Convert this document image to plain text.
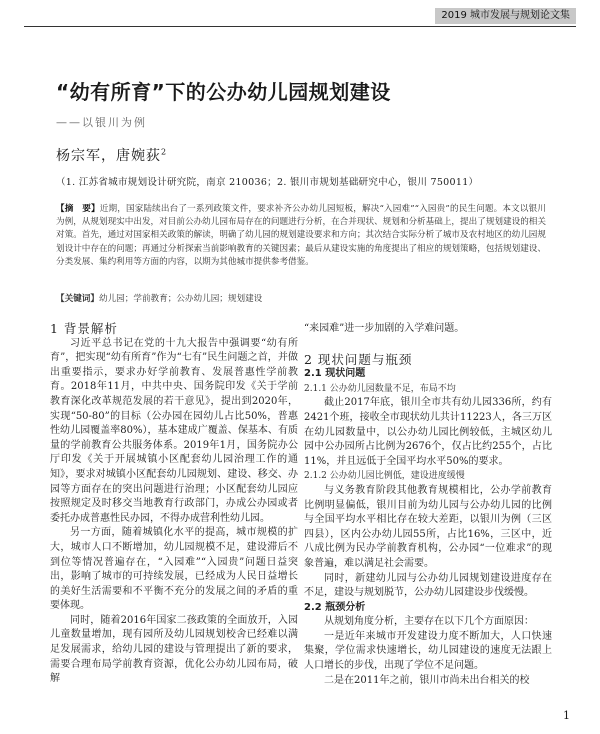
2019 城市发展与规划论文集
“幼有所育”下的公办幼儿园规划建设
——以银川为例
杨宗军，唐婉荻$^2$
（1. 江苏省城市规划设计研究院，南京 210036；2. 银川市规划基础研究中心，银川 750011）
【摘　要】近期，国家陆续出台了一系列政策文件，要求补齐公办幼儿园短板，解决“入园难”“入园贵”的民生问题。本文以银川为例，从规划现实中出发，对目前公办幼儿园布局存在的问题进行分析，在合并现状、规划和分析基础上，提出了规划建设的相关对策。首先，通过对国家相关政策的解读，明确了幼儿园的规划建设要求和方向；其次结合实际分析了城市及农村地区的幼儿园规划设计中存在的问题；再通过分析探索当前影响教育的关键因素；最后从建设实施的角度提出了相应的规划策略，包括规划建设、分类发展、集约利用等方面的内容，以期为其他城市提供参考借鉴。
【关键词】幼儿园；学前教育；公办幼儿园；规划建设

1 背景解析

习近平总书记在党的十九大报告中强调要“幼有所育”，把实现“幼有所育”作为“七有”民生问题之首，并做出重要指示，要求办好学前教育、发展普惠性学前教育。2018年11月，中共中央、国务院印发《关于学前教育深化改革规范发展的若干意见》，提出到2020年，实现“50-80”的目标（公办园在园幼儿占比50%，普惠性幼儿园覆盖率80%），基本建成广覆盖、保基本、有质量的学前教育公共服务体系。2019年1月，国务院办公厅印发《关于开展城镇小区配套幼儿园治理工作的通知》，要求对城镇小区配套幼儿园规划、建设、移交、办园等方面存在的突出问题进行治理；小区配套幼儿园应按照规定及时移交当地教育行政部门，办成公办园或者委托办成普惠性民办园，不得办成营利性幼儿园。

另一方面，随着城镇化水平的提高，城市规模的扩大，城市人口不断增加，幼儿园规模不足，建设滞后不到位等情况普遍存在，“入园难”“入园贵”问题日益突出，影响了城市的可持续发展，已经成为人民日益增长的美好生活需要和不平衡不充分的发展之间的矛盾的重要体现。

同时，随着2016年国家二孩政策的全面放开，入园儿童数量增加，现有园所及幼儿园规划校舍已经难以满足发展需求，给幼儿园的建设与管理提出了新的要求，需要合理布局学前教育资源，优化公办幼儿园布局，破解

“来园难”进一步加剧的入学难问题。

2 现状问题与瓶颈

2.1 现状问题

2.1.1 公办幼儿园数量不足，布局不均

截止2017年底，银川全市共有幼儿园336所，约有2421个班，接收全市现状幼儿共计11223人，各三万区在幼儿园数量中，以公办幼儿园比例较低，主城区幼儿园中公办园所占比例为2676个，仅占比约255个，占比11%，并且远低于全国平均水平50%的要求。

2.1.2 公办幼儿园比例低，建设进度缓慢

与义务教育阶段其他教育规模相比，公办学前教育比例明显偏低，银川目前为幼儿园与公办幼儿园的比例与全国平均水平相比存在较大差距，以银川为例（三区四县），区内公办幼儿园55所，占比16%，三区中，近八成比例为民办学前教育机构，公办园“一位难求”的现象普遍，难以满足社会需要。

同时，新建幼儿园与公办幼儿园规划建设进度存在不足，建设与规划脱节，公办幼儿园建设步伐缓慢。

2.2 瓶颈分析

从规划角度分析，主要存在以下几个方面原因：

一是近年来城市开发建设力度不断加大，人口快速集聚，学位需求快速增长，幼儿园建设的速度无法跟上人口增长的步伐，出现了学位不足问题。

二是在2011年之前，银川市尚未出台相关的校

1
